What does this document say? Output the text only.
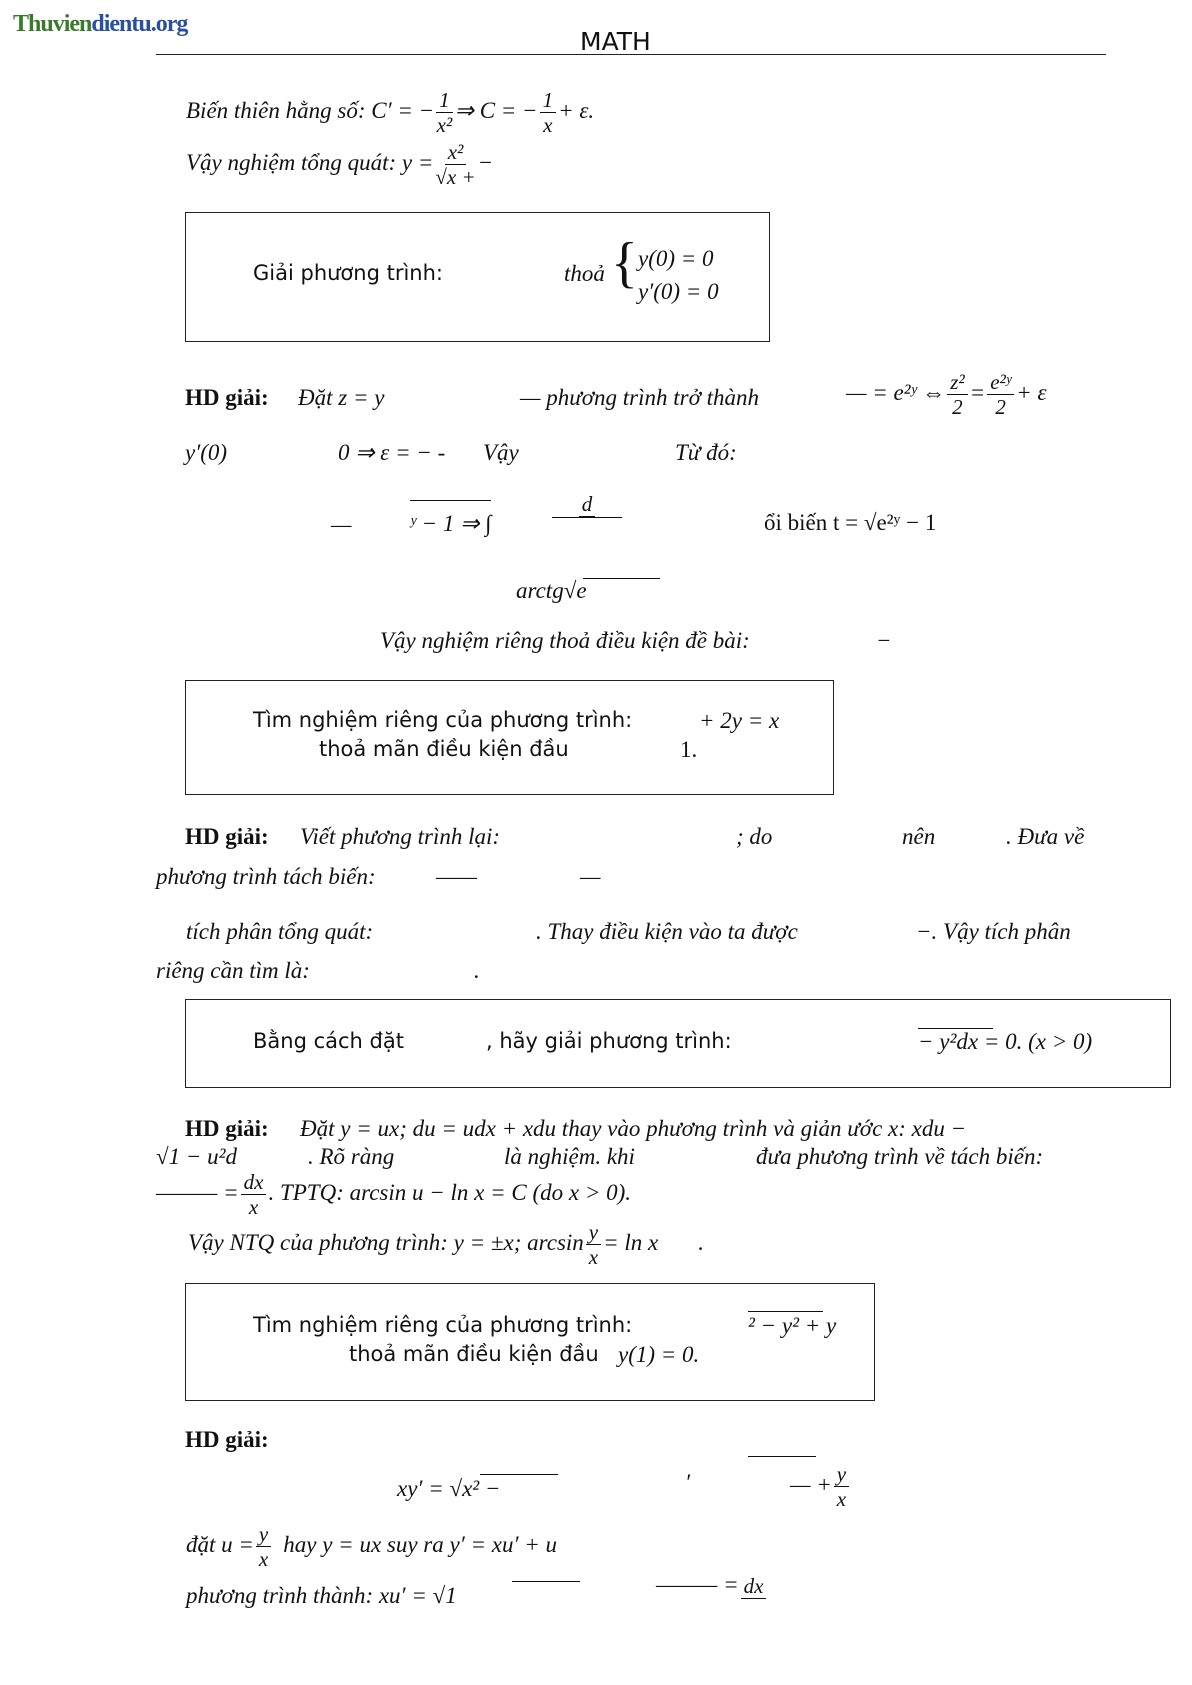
Thuviendientu.org
MATH
Biến thiên hằng số: C′ = − $\frac{1}{\text{x²}}$ ⇒ C = − $\frac{1}{x} + \varepsilon$.
Vậy nghiệm tổng quát: $y = \frac{\text{x²}}{√x +}$ −
Giải phương trình:	thoả { y(0) = 0
y′(0) = 0
HD giải: Đặt z = y	— phương trình trở thành	— = e²ʸ ⇔ $\frac{\text{z²}}{2} = \frac{\text{e²ʸ}}{2} + \varepsilon$
y′(0)	0 ⇒ ε = − - Vậy	Từ đó:
—	ʸ − 1 ⇒ ∫
d
ổi biến t = √e²ʸ − 1
arctg√e
Vậy nghiệm riêng thoả điều kiện đề bài:	−
Tìm nghiệm riêng của phương trình:	+ 2y = x
thoả mãn điều kiện đầu	1.
HD giải: Viết phương trình lại:	; do	nên	. Đưa về
phương trình tách biến:	——	—
tích phân tổng quát:	. Thay điều kiện vào ta được	−. Vậy tích phân
riêng cần tìm là:	.
Bằng cách đặt	, hãy giải phương trình:	− y²dx = 0. (x > 0)
HD giải: Đặt y = ux; du = udx + xdu thay vào phương trình và giản ước x: xdu −
√1 − u²d	. Rõ ràng	là nghiệm. khi	đưa phương trình về tách biến:
——— = $\frac{dx}{x}$ . TPTQ: arcsin u − ln x = C (do x > 0).
Vậy NTQ của phương trình: y = ±x; $\arcsin \frac{y}{x} = \ln x$ .
Tìm nghiệm riêng của phương trình:	² − y² + y
thoả mãn điều kiện đầu y(1) = 0.
HD giải:
xy′ = √x² −	′	— + $\frac{y}{x}$
đặt $u = \frac{y}{x}$ hay y = ux suy ra y′ = xu′ + u
phương trình thành: xu′ = √1	——— = dx
